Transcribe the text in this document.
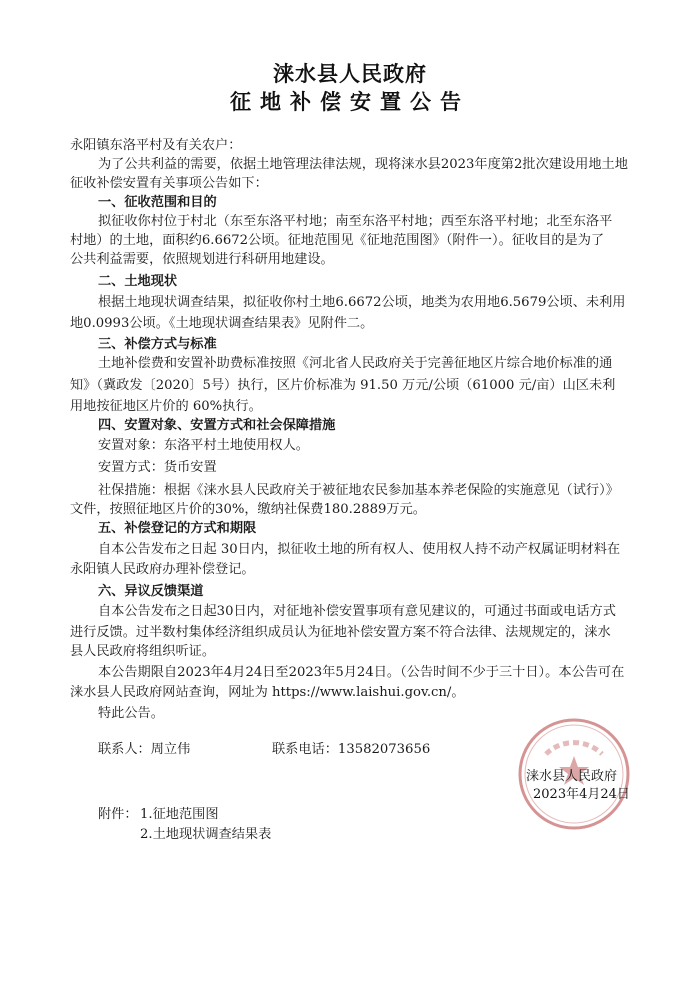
涞水县人民政府
征地补偿安置公告
永阳镇东洛平村及有关农户：
为了公共利益的需要，依据土地管理法律法规，现将涞水县2023年度第2批次建设用地土地
征收补偿安置有关事项公告如下：
一、征收范围和目的
拟征收你村位于村北（东至东洛平村地；南至东洛平村地；西至东洛平村地；北至东洛平
村地）的土地，面积约6.6672公顷。征地范围见《征地范围图》（附件一）。征收目的是为了
公共利益需要，依照规划进行科研用地建设。
二、土地现状
根据土地现状调查结果，拟征收你村土地6.6672公顷，地类为农用地6.5679公顷、未利用
地0.0993公顷。《土地现状调查结果表》见附件二。
三、补偿方式与标准
土地补偿费和安置补助费标准按照《河北省人民政府关于完善征地区片综合地价标准的通
知》（冀政发〔2020〕5号）执行，区片价标准为 91.50 万元/公顷（61000 元/亩）山区未利
用地按征地区片价的 60%执行。
四、安置对象、安置方式和社会保障措施
安置对象：东洛平村土地使用权人。
安置方式：货币安置
社保措施：根据《涞水县人民政府关于被征地农民参加基本养老保险的实施意见（试行）》
文件，按照征地区片价的30%，缴纳社保费180.2889万元。
五、补偿登记的方式和期限
自本公告发布之日起 30日内，拟征收土地的所有权人、使用权人持不动产权属证明材料在
永阳镇人民政府办理补偿登记。
六、异议反馈渠道
自本公告发布之日起30日内，对征地补偿安置事项有意见建议的，可通过书面或电话方式
进行反馈。过半数村集体经济组织成员认为征地补偿安置方案不符合法律、法规规定的，涞水
县人民政府将组织听证。
本公告期限自2023年4月24日至2023年5月24日。（公告时间不少于三十日）。本公告可在
涞水县人民政府网站查询，网址为 https://www.laishui.gov.cn/。
特此公告。
联系人：周立伟	联系电话：13582073656
涞水县人民政府
2023年4月24日
附件： 1.征地范围图
2.土地现状调查结果表
